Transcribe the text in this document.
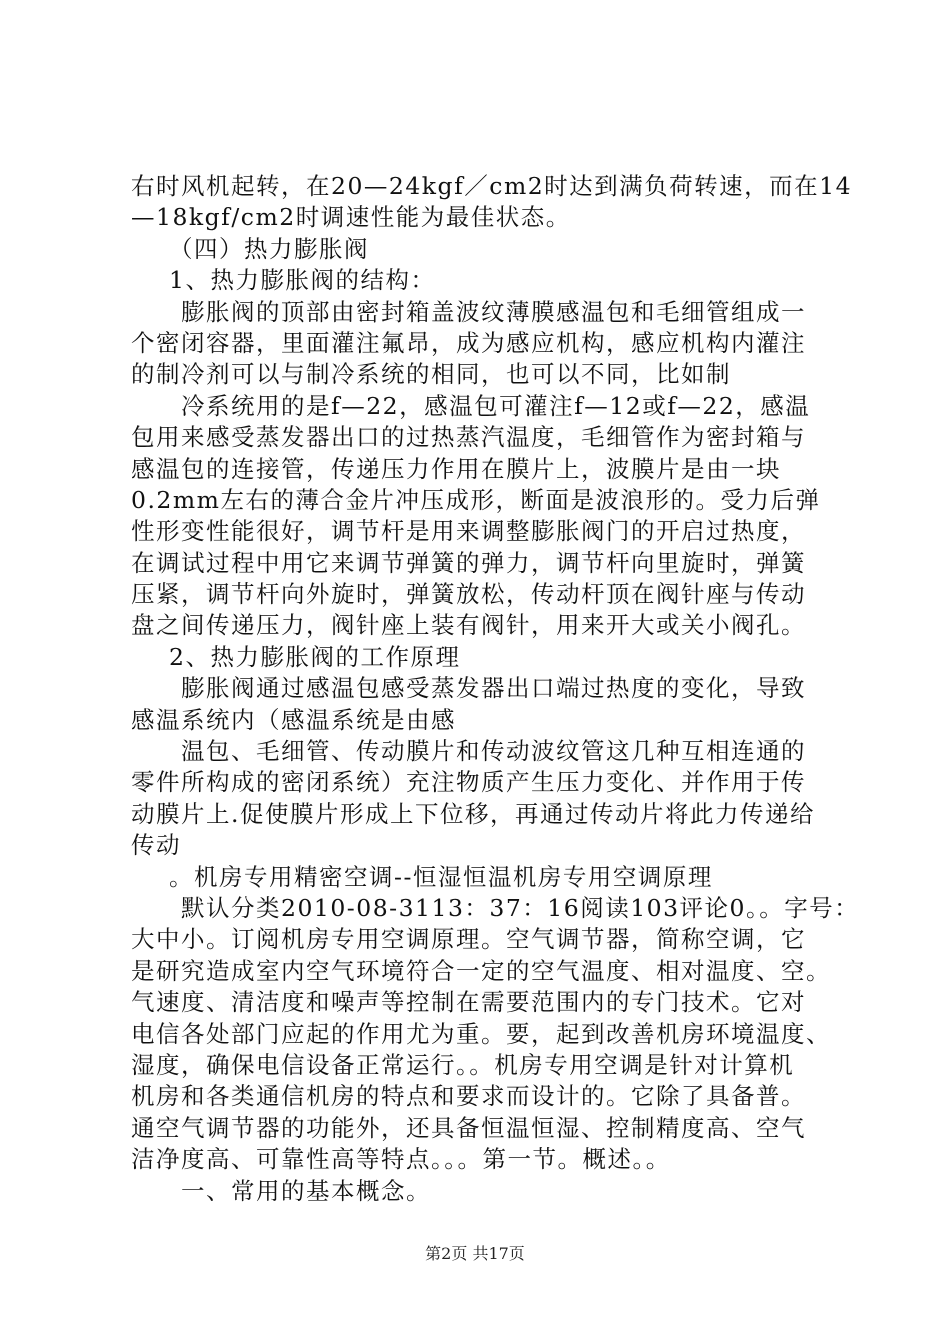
右时风机起转，在20—24kgf／cm2时达到满负荷转速，而在14
—18kgf/cm2时调速性能为最佳状态。
（四）热力膨胀阀
1、热力膨胀阀的结构：
膨胀阀的顶部由密封箱盖波纹薄膜感温包和毛细管组成一
个密闭容器，里面灌注氟昂，成为感应机构，感应机构内灌注
的制冷剂可以与制冷系统的相同，也可以不同，比如制
冷系统用的是f—22，感温包可灌注f—12或f—22，感温
包用来感受蒸发器出口的过热蒸汽温度，毛细管作为密封箱与
感温包的连接管，传递压力作用在膜片上，波膜片是由一块
0.2mm左右的薄合金片冲压成形，断面是波浪形的。受力后弹
性形变性能很好，调节杆是用来调整膨胀阀门的开启过热度，
在调试过程中用它来调节弹簧的弹力，调节杆向里旋时，弹簧
压紧，调节杆向外旋时，弹簧放松，传动杆顶在阀针座与传动
盘之间传递压力，阀针座上装有阀针，用来开大或关小阀孔。
2、热力膨胀阀的工作原理
膨胀阀通过感温包感受蒸发器出口端过热度的变化，导致
感温系统内（感温系统是由感
温包、毛细管、传动膜片和传动波纹管这几种互相连通的
零件所构成的密闭系统）充注物质产生压力变化、并作用于传
动膜片上.促使膜片形成上下位移，再通过传动片将此力传递给
传动
。机房专用精密空调--恒湿恒温机房专用空调原理
默认分类2010-08-3113：37：16阅读103评论0。。字号：
大中小。订阅机房专用空调原理。空气调节器，简称空调，它
是研究造成室内空气环境符合一定的空气温度、相对温度、空。
气速度、清洁度和噪声等控制在需要范围内的专门技术。它对
电信各处部门应起的作用尤为重。要，起到改善机房环境温度、
湿度，确保电信设备正常运行。。机房专用空调是针对计算机
机房和各类通信机房的特点和要求而设计的。它除了具备普。
通空气调节器的功能外，还具备恒温恒湿、控制精度高、空气
洁净度高、可靠性高等特点。。。第一节。概述。。
一、常用的基本概念。
第2页 共17页
